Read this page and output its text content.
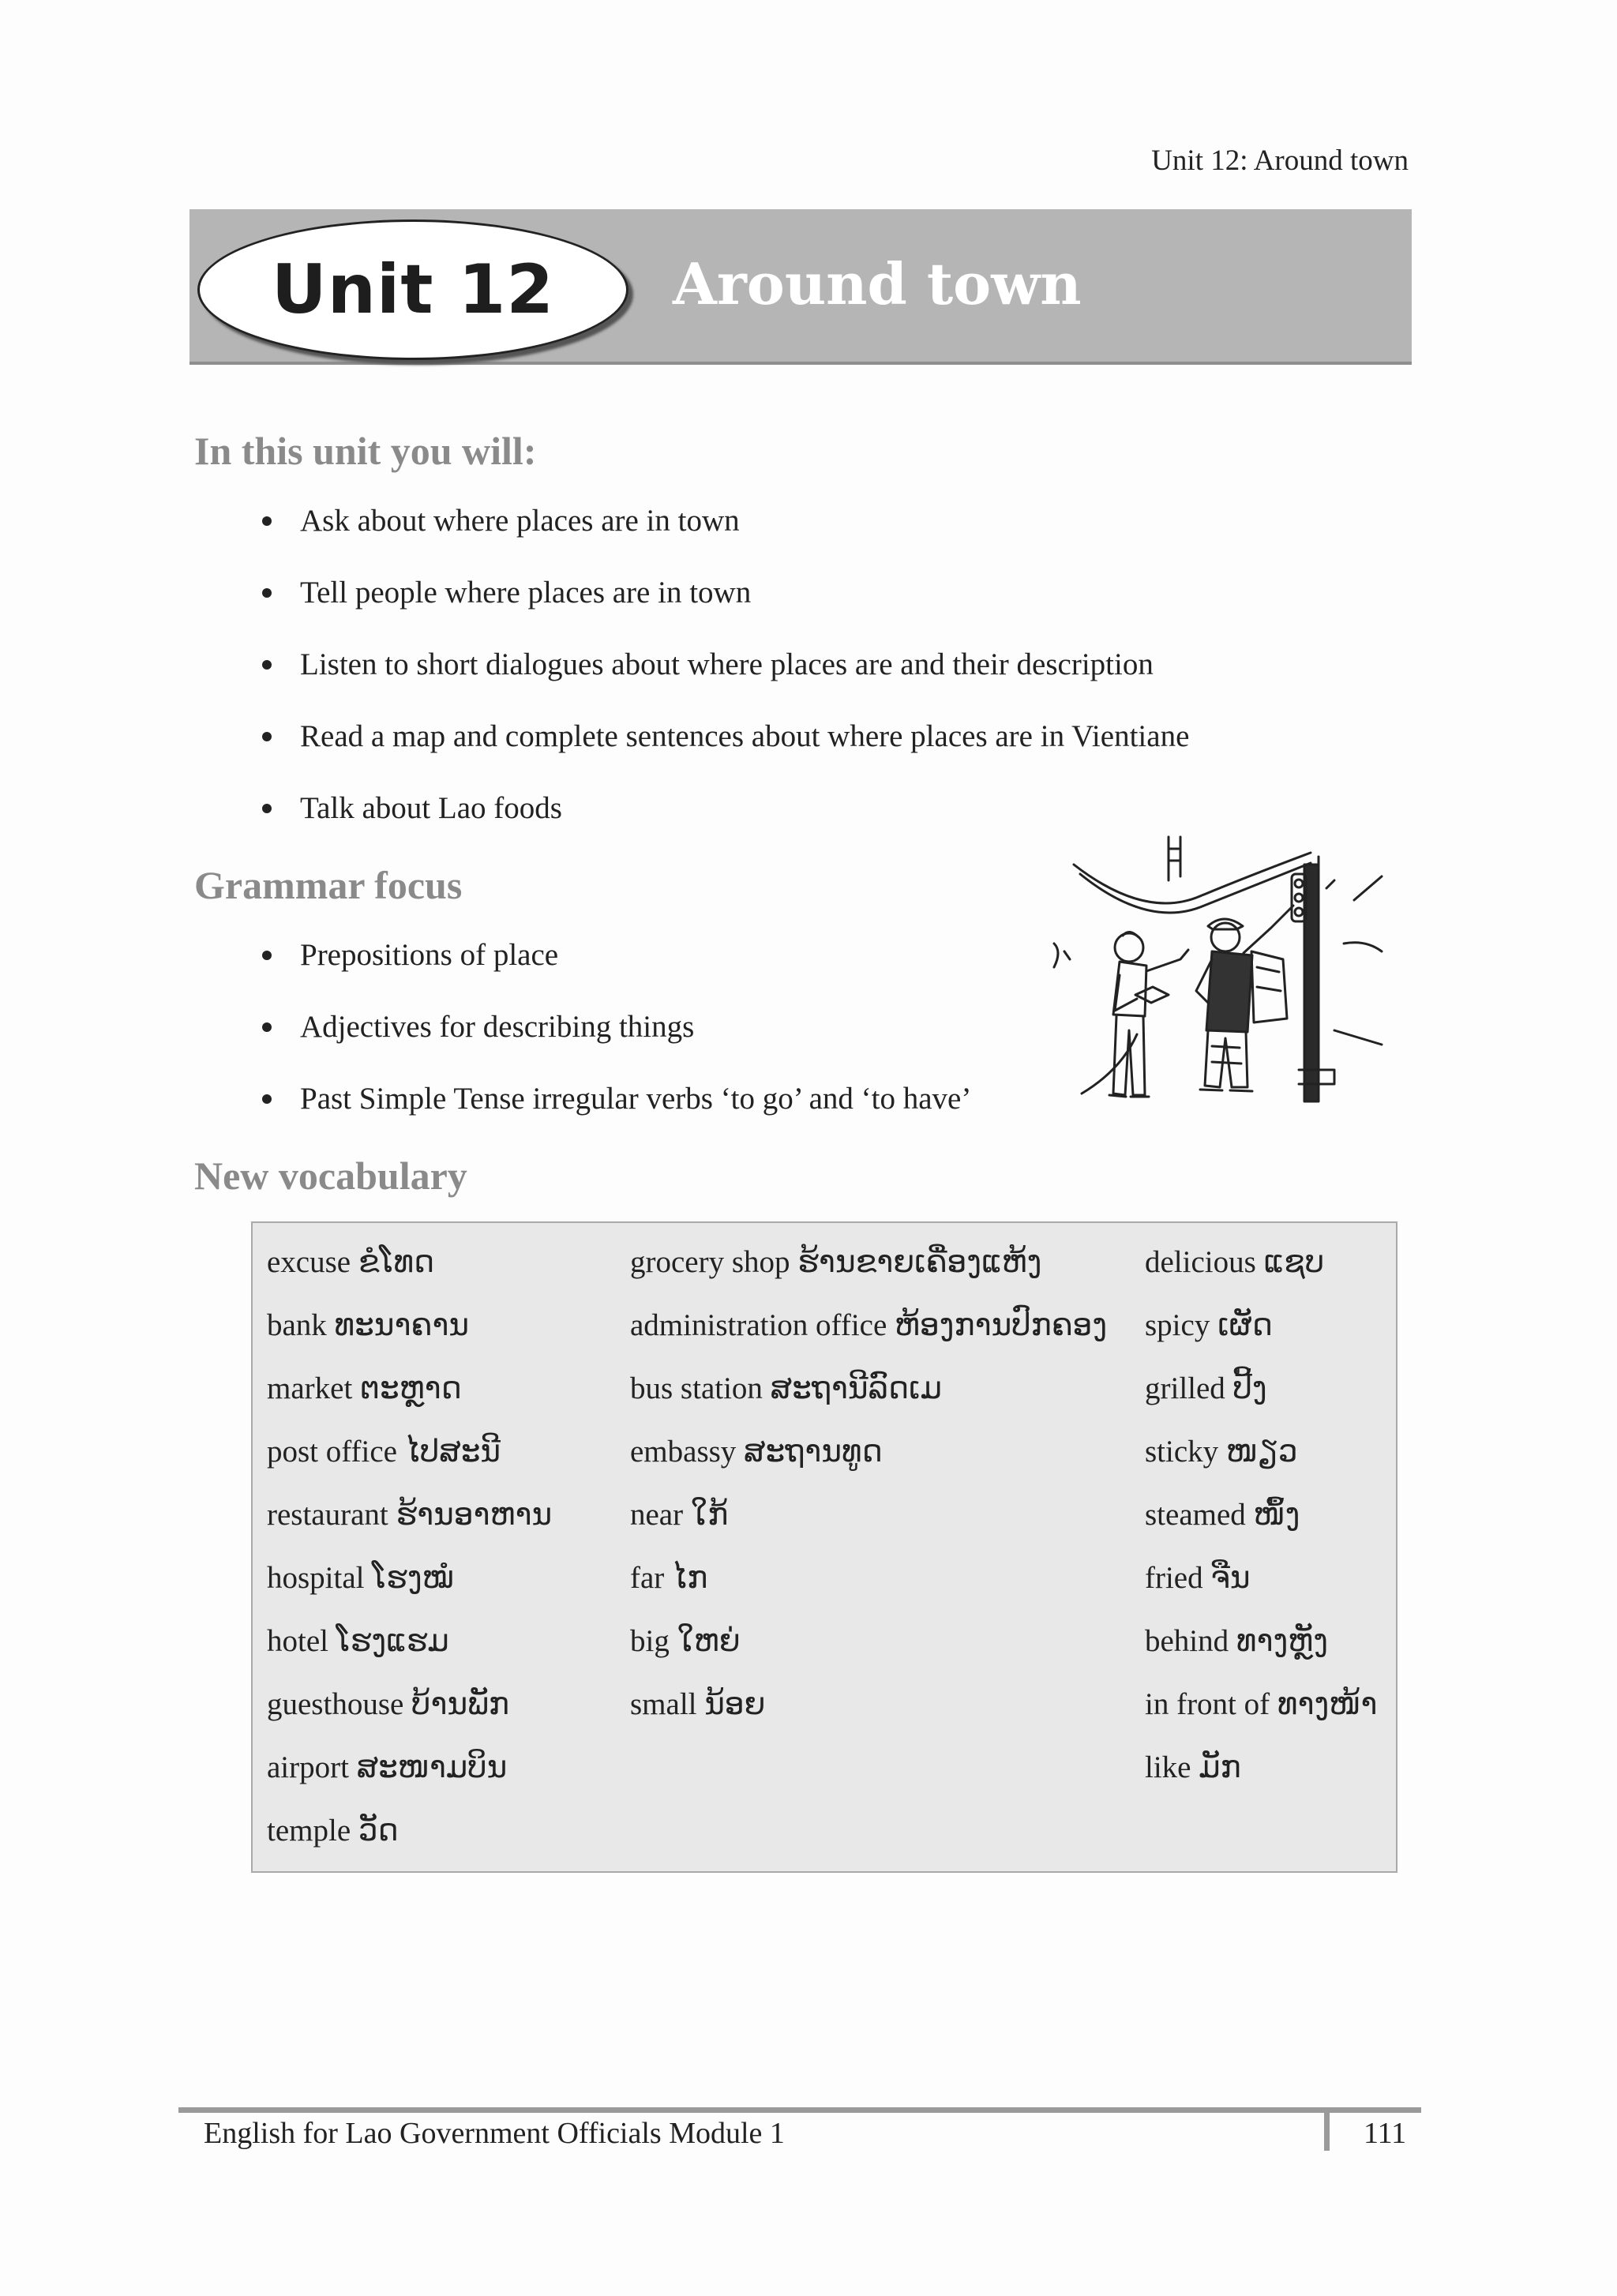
Unit 12: Around town
Unit 12 Around town
In this unit you will:
Ask about where places are in town
Tell people where places are in town
Listen to short dialogues about where places are and their description
Read a map and complete sentences about where places are in Vientiane
Talk about Lao foods
Grammar focus
Prepositions of place
Adjectives for describing things
Past Simple Tense irregular verbs ‘to go’ and ‘to have’
New vocabulary
excuse ຂໍໂທດ
bank ທະນາຄານ
market ຕະຫຼາດ
post office ໄປສະນີ
restaurant ຮ້ານອາຫານ
hospital ໂຮງໝໍ
hotel ໂຮງແຮມ
guesthouse ບ້ານພັກ
airport ສະໜາມບິນ
temple ວັດ
grocery shop ຮ້ານຂາຍເຄື່ອງແຫ້ງ
administration office ຫ້ອງການປົກຄອງ
bus station ສະຖານີລົດເມ
embassy ສະຖານທູດ
near ໃກ້
far ໄກ
big ໃຫຍ່
small ນ້ອຍ
delicious ແຊບ
spicy ເຜັດ
grilled ປີ້ງ
sticky ໜຽວ
steamed ໜຶ້ງ
fried ຈືນ
behind ທາງຫຼັງ
in front of ທາງໜ້າ
like ມັກ
English for Lao Government Officials Module 1	111
